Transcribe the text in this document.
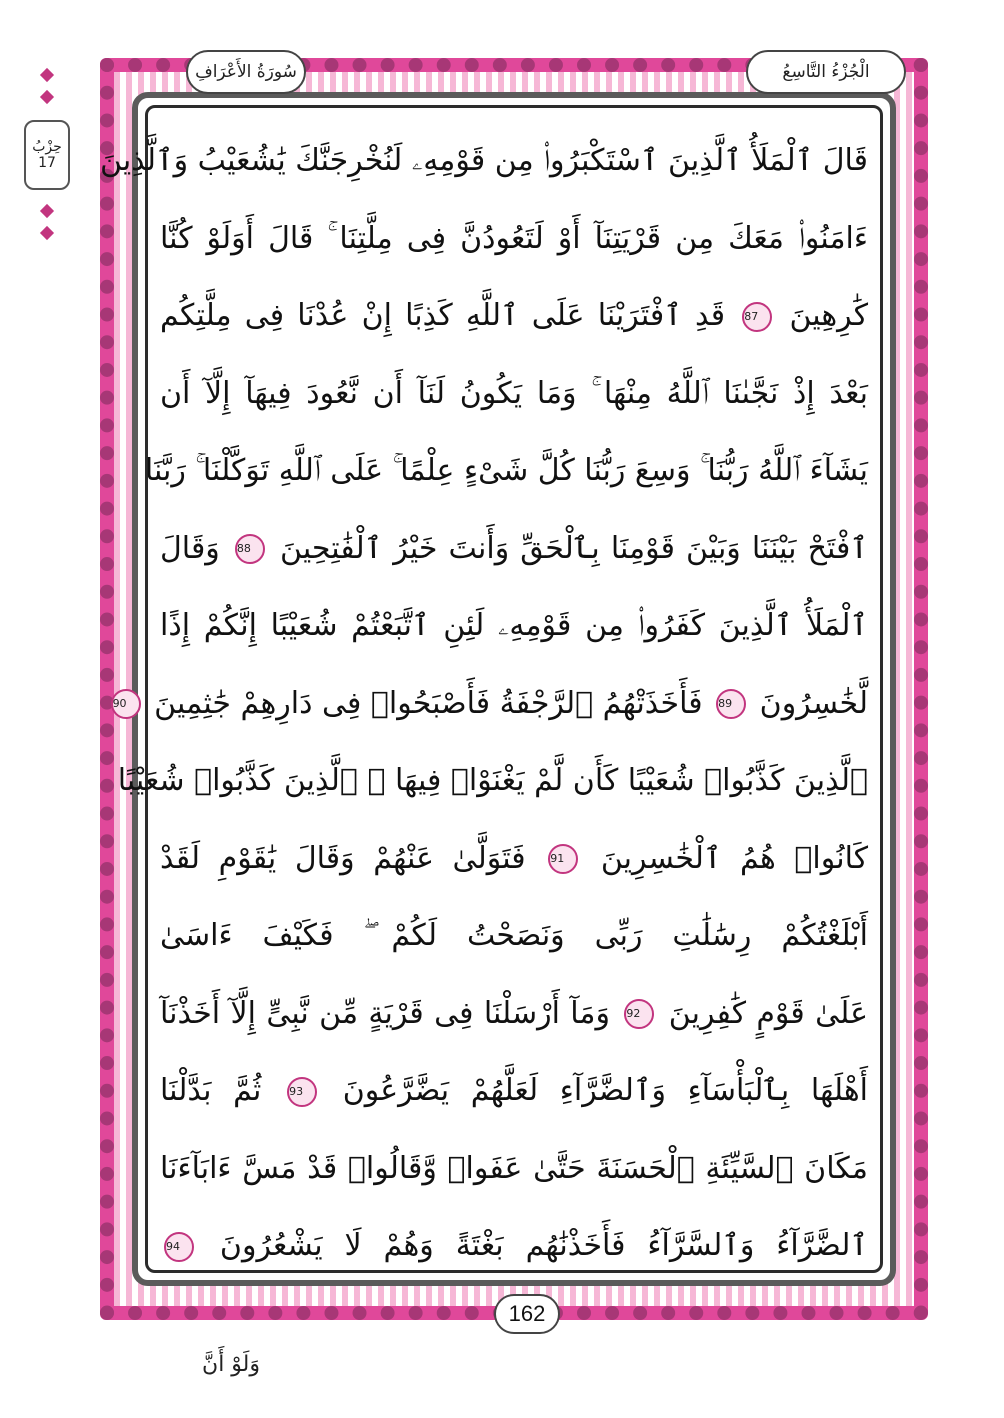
الْجُزْءُ التَّاسِعُ
سُورَةُ الأَعْرَافِ
حِزْبُ
17 قَالَ ٱلْمَلَأُ ٱلَّذِينَ ٱسْتَكْبَرُوا۟ مِن قَوْمِهِۦ لَنُخْرِجَنَّكَ يَٰشُعَيْبُ وَٱلَّذِينَ
ءَامَنُوا۟ مَعَكَ مِن قَرْيَتِنَآ أَوْ لَتَعُودُنَّ فِى مِلَّتِنَا ۚ قَالَ أَوَلَوْ كُنَّا
كَٰرِهِينَ 87 قَدِ ٱفْتَرَيْنَا عَلَى ٱللَّهِ كَذِبًا إِنْ عُدْنَا فِى مِلَّتِكُم
بَعْدَ إِذْ نَجَّىٰنَا ٱللَّهُ مِنْهَا ۚ وَمَا يَكُونُ لَنَآ أَن نَّعُودَ فِيهَآ إِلَّآ أَن
يَشَآءَ ٱللَّهُ رَبُّنَا ۚ وَسِعَ رَبُّنَا كُلَّ شَىْءٍ عِلْمًا ۚ عَلَى ٱللَّهِ تَوَكَّلْنَا ۚ رَبَّنَا
ٱفْتَحْ بَيْنَنَا وَبَيْنَ قَوْمِنَا بِٱلْحَقِّ وَأَنتَ خَيْرُ ٱلْفَٰتِحِينَ 88 وَقَالَ
ٱلْمَلَأُ ٱلَّذِينَ كَفَرُوا۟ مِن قَوْمِهِۦ لَئِنِ ٱتَّبَعْتُمْ شُعَيْبًا إِنَّكُمْ إِذًا
لَّخَٰسِرُونَ 89 فَأَخَذَتْهُمُ ٱلرَّجْفَةُ فَأَصْبَحُوا۟ فِى دَارِهِمْ جَٰثِمِينَ 90
ٱلَّذِينَ كَذَّبُوا۟ شُعَيْبًا كَأَن لَّمْ يَغْنَوْا۟ فِيهَا ۚ ٱلَّذِينَ كَذَّبُوا۟ شُعَيْبًا
كَانُوا۟ هُمُ ٱلْخَٰسِرِينَ 91 فَتَوَلَّىٰ عَنْهُمْ وَقَالَ يَٰقَوْمِ لَقَدْ
أَبْلَغْتُكُمْ رِسَٰلَٰتِ رَبِّى وَنَصَحْتُ لَكُمْ ۖ فَكَيْفَ ءَاسَىٰ
عَلَىٰ قَوْمٍ كَٰفِرِينَ 92 وَمَآ أَرْسَلْنَا فِى قَرْيَةٍ مِّن نَّبِىٍّ إِلَّآ أَخَذْنَآ
أَهْلَهَا بِٱلْبَأْسَآءِ وَٱلضَّرَّآءِ لَعَلَّهُمْ يَضَّرَّعُونَ 93 ثُمَّ بَدَّلْنَا
مَكَانَ ٱلسَّيِّئَةِ ٱلْحَسَنَةَ حَتَّىٰ عَفَوا۟ وَّقَالُوا۟ قَدْ مَسَّ ءَابَآءَنَا
ٱلضَّرَّآءُ وَٱلسَّرَّآءُ فَأَخَذْنَٰهُم بَغْتَةً وَهُمْ لَا يَشْعُرُونَ 94
162
وَلَوْ أَنَّ
